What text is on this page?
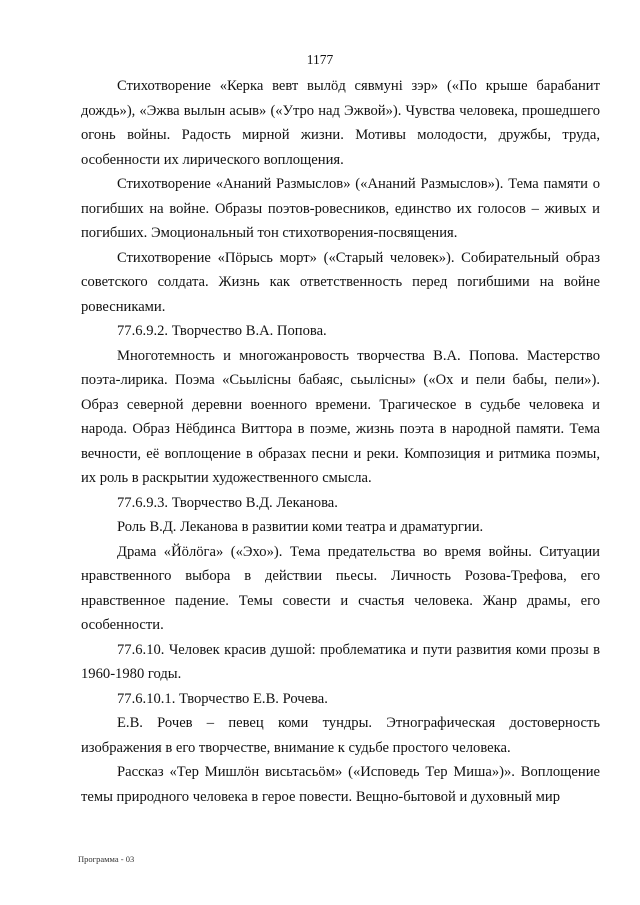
1177

Стихотворение «Керка вевт вылӧд сявмунi зэр» («По крыше барабанит дождь»), «Эжва вылын асыв» («Утро над Эжвой»). Чувства человека, прошедшего огонь войны. Радость мирной жизни. Мотивы молодости, дружбы, труда, особенности их лирического воплощения.

Стихотворение «Ананий Размыслов» («Ананий Размыслов»). Тема памяти о погибших на войне. Образы поэтов-ровесников, единство их голосов – живых и погибших. Эмоциональный тон стихотворения-посвящения.

Стихотворение «Пӧрысь морт» («Старый человек»). Собирательный образ советского солдата. Жизнь как ответственность перед погибшими на войне ровесниками.

77.6.9.2. Творчество В.А. Попова.

Многотемность и многожанровость творчества В.А. Попова. Мастерство поэта-лирика. Поэма «Сьылiсны бабаяс, сьылiсны» («Ох и пели бабы, пели»). Образ северной деревни военного времени. Трагическое в судьбе человека и народа. Образ Нёбдинса Виттора в поэме, жизнь поэта в народной памяти. Тема вечности, её воплощение в образах песни и реки. Композиция и ритмика поэмы, их роль в раскрытии художественного смысла.

77.6.9.3. Творчество В.Д. Леканова.

Роль В.Д. Леканова в развитии коми театра и драматургии.

Драма «Йӧлӧга» («Эхо»). Тема предательства во время войны. Ситуации нравственного выбора в действии пьесы. Личность Розова-Трефова, его нравственное падение. Темы совести и счастья человека. Жанр драмы, его особенности.

77.6.10. Человек красив душой: проблематика и пути развития коми прозы в 1960-1980 годы.

77.6.10.1. Творчество Е.В. Рочева.

Е.В. Рочев – певец коми тундры. Этнографическая достоверность изображения в его творчестве, внимание к судьбе простого человека.

Рассказ «Тер Мишлӧн висьтасьӧм» («Исповедь Тер Миша»)». Воплощение темы природного человека в герое повести. Вещно-бытовой и духовный мир

Программа - 03
